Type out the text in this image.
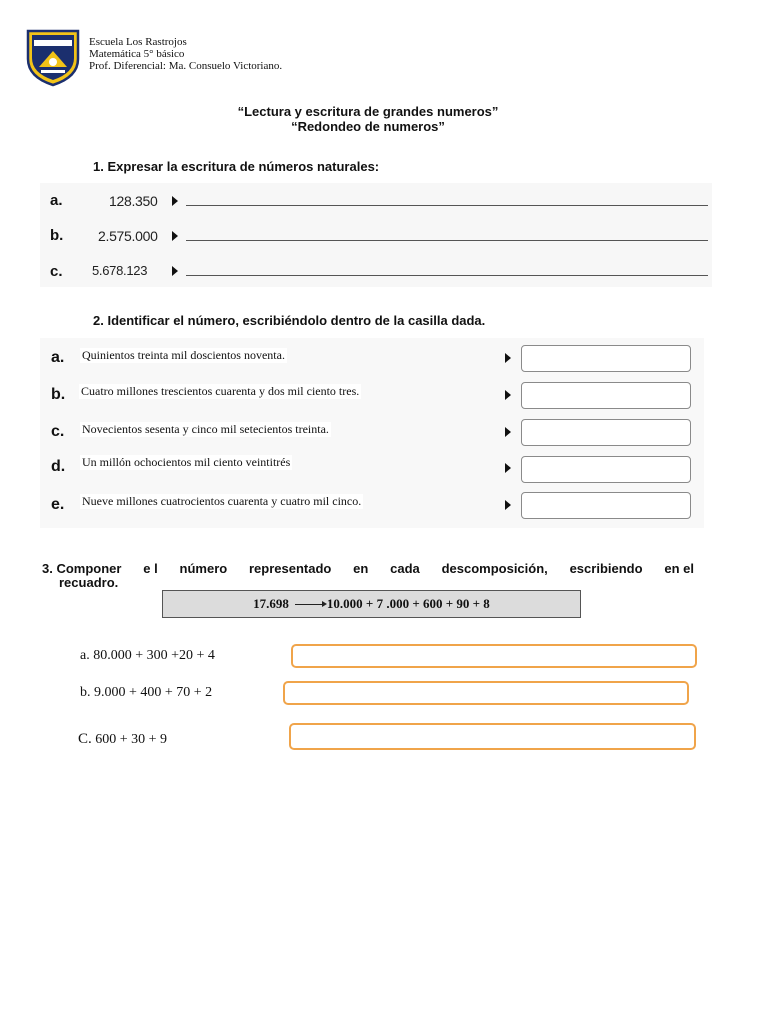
Escuela Los Rastrojos
Matemática 5° básico
Prof. Diferencial: Ma. Consuelo Victoriano.
“Lectura y escritura de grandes numeros”
“Redondeo de numeros”
1. Expresar la escritura de números naturales:
a.	128.350
b. 2.575.000
c. 5.678.123
2. Identificar el número, escribiéndolo dentro de la casilla dada.
a. Quinientos treinta mil doscientos noventa.
b. Cuatro millones trescientos cuarenta y dos mil ciento tres.
c. Novecientos sesenta y cinco mil setecientos treinta.
d. Un millón ochocientos mil ciento veintitrés
e. Nueve millones cuatrocientos cuarenta y cuatro mil cinco.
3. Componer e l número representado en cada descomposición, escribiendo en el
recuadro.
17.698	10.000 + 7 .000 + 600 + 90 + 8
a. 80.000 + 300 +20 + 4
b. 9.000 + 400 + 70 + 2
C. 600 + 30 + 9
